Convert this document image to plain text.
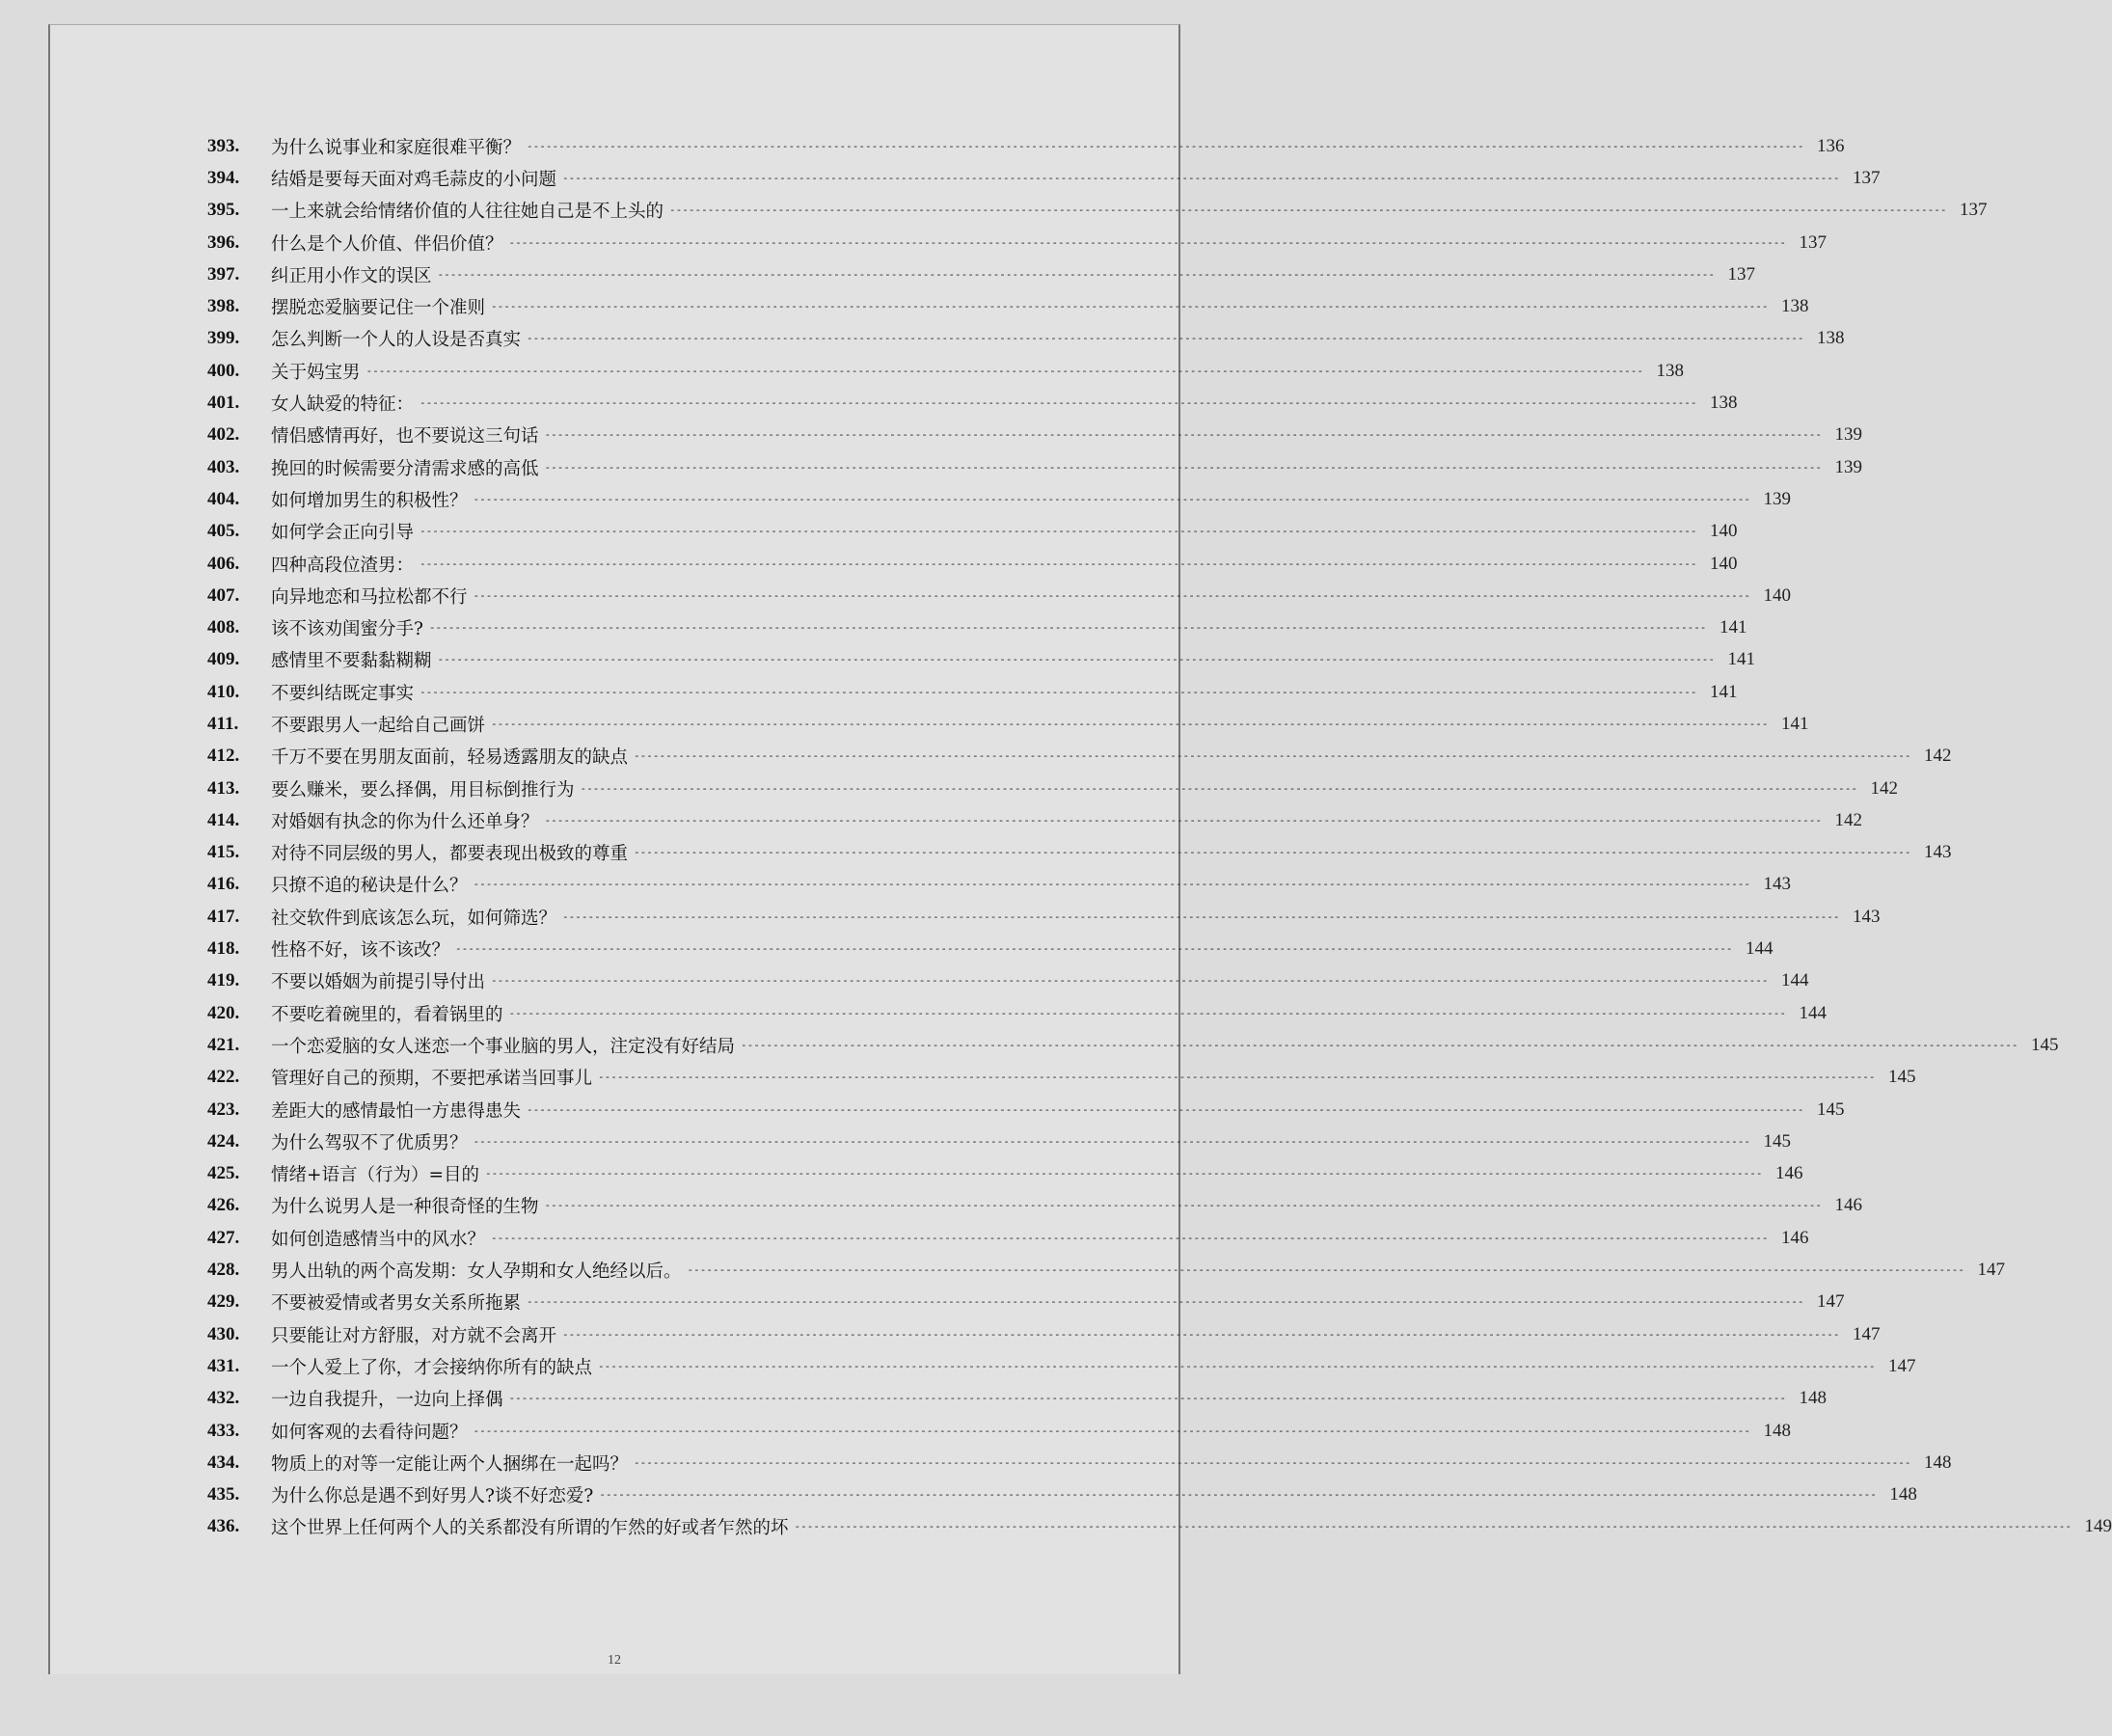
393.	为什么说事业和家庭很难平衡？ -------------------------------------------------------------------------------------------------------------------------------------------------------------------------------------------------------- 136
394.	结婚是要每天面对鸡毛蒜皮的小问题 -------------------------------------------------------------------------------------------------------------------------------------------------------------------------------------------------------- 137
395.	一上来就会给情绪价值的人往往她自己是不上头的 -------------------------------------------------------------------------------------------------------------------------------------------------------------------------------------------------------- 137
396.	什么是个人价值、伴侣价值？ -------------------------------------------------------------------------------------------------------------------------------------------------------------------------------------------------------- 137
397.	纠正用小作文的误区 -------------------------------------------------------------------------------------------------------------------------------------------------------------------------------------------------------- 137
398.	摆脱恋爱脑要记住一个准则 -------------------------------------------------------------------------------------------------------------------------------------------------------------------------------------------------------- 138
399.	怎么判断一个人的人设是否真实 -------------------------------------------------------------------------------------------------------------------------------------------------------------------------------------------------------- 138
400.	关于妈宝男 -------------------------------------------------------------------------------------------------------------------------------------------------------------------------------------------------------- 138
401.	女人缺爱的特征： -------------------------------------------------------------------------------------------------------------------------------------------------------------------------------------------------------- 138
402.	情侣感情再好，也不要说这三句话 -------------------------------------------------------------------------------------------------------------------------------------------------------------------------------------------------------- 139
403.	挽回的时候需要分清需求感的高低 -------------------------------------------------------------------------------------------------------------------------------------------------------------------------------------------------------- 139
404.	如何增加男生的积极性？ -------------------------------------------------------------------------------------------------------------------------------------------------------------------------------------------------------- 139
405.	如何学会正向引导 -------------------------------------------------------------------------------------------------------------------------------------------------------------------------------------------------------- 140
406.	四种高段位渣男： -------------------------------------------------------------------------------------------------------------------------------------------------------------------------------------------------------- 140
407.	向异地恋和马拉松都不行 -------------------------------------------------------------------------------------------------------------------------------------------------------------------------------------------------------- 140
408.	该不该劝闺蜜分手? -------------------------------------------------------------------------------------------------------------------------------------------------------------------------------------------------------- 141
409.	感情里不要黏黏糊糊 -------------------------------------------------------------------------------------------------------------------------------------------------------------------------------------------------------- 141
410.	不要纠结既定事实 -------------------------------------------------------------------------------------------------------------------------------------------------------------------------------------------------------- 141
411.	不要跟男人一起给自己画饼 -------------------------------------------------------------------------------------------------------------------------------------------------------------------------------------------------------- 141
412.	千万不要在男朋友面前，轻易透露朋友的缺点 -------------------------------------------------------------------------------------------------------------------------------------------------------------------------------------------------------- 142
413.	要么赚米，要么择偶，用目标倒推行为 -------------------------------------------------------------------------------------------------------------------------------------------------------------------------------------------------------- 142
414.	对婚姻有执念的你为什么还单身？ -------------------------------------------------------------------------------------------------------------------------------------------------------------------------------------------------------- 142
415.	对待不同层级的男人，都要表现出极致的尊重 -------------------------------------------------------------------------------------------------------------------------------------------------------------------------------------------------------- 143
416.	只撩不追的秘诀是什么？ -------------------------------------------------------------------------------------------------------------------------------------------------------------------------------------------------------- 143
417.	社交软件到底该怎么玩，如何筛选？ -------------------------------------------------------------------------------------------------------------------------------------------------------------------------------------------------------- 143
418.	性格不好，该不该改？ -------------------------------------------------------------------------------------------------------------------------------------------------------------------------------------------------------- 144
419.	不要以婚姻为前提引导付出 -------------------------------------------------------------------------------------------------------------------------------------------------------------------------------------------------------- 144
420.	不要吃着碗里的，看着锅里的 -------------------------------------------------------------------------------------------------------------------------------------------------------------------------------------------------------- 144
421.	一个恋爱脑的女人迷恋一个事业脑的男人，注定没有好结局 -------------------------------------------------------------------------------------------------------------------------------------------------------------------------------------------------------- 145
422.	管理好自己的预期，不要把承诺当回事儿 -------------------------------------------------------------------------------------------------------------------------------------------------------------------------------------------------------- 145
423.	差距大的感情最怕一方患得患失 -------------------------------------------------------------------------------------------------------------------------------------------------------------------------------------------------------- 145
424.	为什么驾驭不了优质男？ -------------------------------------------------------------------------------------------------------------------------------------------------------------------------------------------------------- 145
425.	情绪+语言（行为）=目的 -------------------------------------------------------------------------------------------------------------------------------------------------------------------------------------------------------- 146
426.	为什么说男人是一种很奇怪的生物 -------------------------------------------------------------------------------------------------------------------------------------------------------------------------------------------------------- 146
427.	如何创造感情当中的风水？ -------------------------------------------------------------------------------------------------------------------------------------------------------------------------------------------------------- 146
428.	男人出轨的两个高发期：女人孕期和女人绝经以后。 -------------------------------------------------------------------------------------------------------------------------------------------------------------------------------------------------------- 147
429.	不要被爱情或者男女关系所拖累 -------------------------------------------------------------------------------------------------------------------------------------------------------------------------------------------------------- 147
430.	只要能让对方舒服，对方就不会离开 -------------------------------------------------------------------------------------------------------------------------------------------------------------------------------------------------------- 147
431.	一个人爱上了你，才会接纳你所有的缺点 -------------------------------------------------------------------------------------------------------------------------------------------------------------------------------------------------------- 147
432.	一边自我提升，一边向上择偶 -------------------------------------------------------------------------------------------------------------------------------------------------------------------------------------------------------- 148
433.	如何客观的去看待问题？ -------------------------------------------------------------------------------------------------------------------------------------------------------------------------------------------------------- 148
434.	物质上的对等一定能让两个人捆绑在一起吗？ -------------------------------------------------------------------------------------------------------------------------------------------------------------------------------------------------------- 148
435.	为什么你总是遇不到好男人?谈不好恋爱? -------------------------------------------------------------------------------------------------------------------------------------------------------------------------------------------------------- 148
436.	这个世界上任何两个人的关系都没有所谓的乍然的好或者乍然的坏 -------------------------------------------------------------------------------------------------------------------------------------------------------------------------------------------------------- 149
12
